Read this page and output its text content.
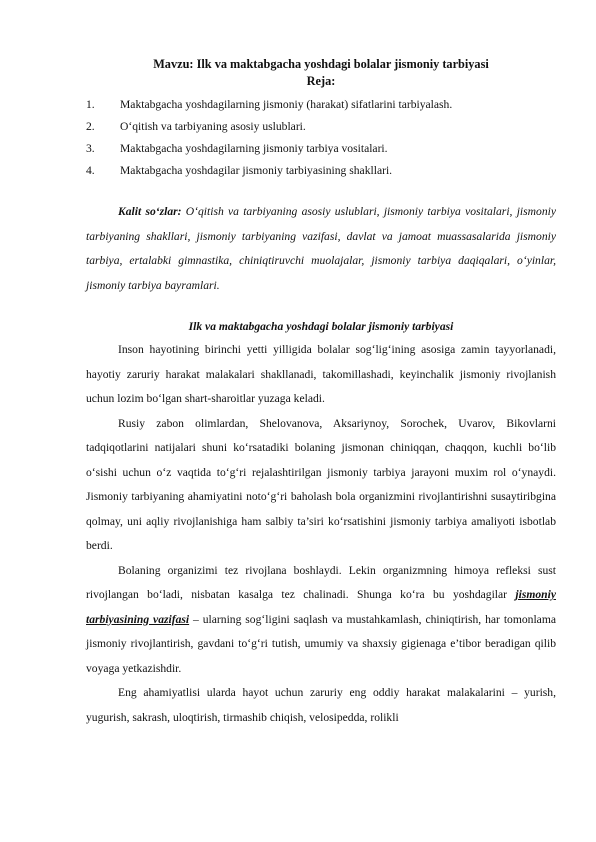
Mavzu: Ilk va maktabgacha yoshdagi bolalar jismoniy tarbiyasi

Reja:

1.	Maktabgacha yoshdagilarning jismoniy (harakat) sifatlarini tarbiyalash.
2.	O‘qitish va tarbiyaning asosiy uslublari.
3.	Maktabgacha yoshdagilarning jismoniy tarbiya vositalari.
4.	Maktabgacha yoshdagilar jismoniy tarbiyasining shakllari.

Kalit so‘zlar: O‘qitish va tarbiyaning asosiy uslublari, jismoniy tarbiya vositalari, jismoniy tarbiyaning shakllari, jismoniy tarbiyaning vazifasi, davlat va jamoat muassasalarida jismoniy tarbiya, ertalabki gimnastika, chiniqtiruvchi muolajalar, jismoniy tarbiya daqiqalari, o‘yinlar, jismoniy tarbiya bayramlari.

Ilk va maktabgacha yoshdagi bolalar jismoniy tarbiyasi

Inson hayotining birinchi yetti yilligida bolalar sog‘lig‘ining asosiga zamin tayyorlanadi, hayotiy zaruriy harakat malakalari shakllanadi, takomillashadi, keyinchalik jismoniy rivojlanish uchun lozim bo‘lgan shart-sharoitlar yuzaga keladi.

Rusiy zabon olimlardan, Shelovanova, Aksariynoy, Sorochek, Uvarov, Bikovlarni tadqiqotlarini natijalari shuni ko‘rsatadiki bolaning jismonan chiniqqan, chaqqon, kuchli bo‘lib o‘sishi uchun o‘z vaqtida to‘g‘ri rejalashtirilgan jismoniy tarbiya jarayoni muxim rol o‘ynaydi. Jismoniy tarbiyaning ahamiyatini noto‘g‘ri baholash bola organizmini rivojlantirishni susaytiribgina qolmay, uni aqliy rivojlanishiga ham salbiy ta’siri ko‘rsatishini jismoniy tarbiya amaliyoti isbotlab berdi.

Bolaning organizimi tez rivojlana boshlaydi. Lekin organizmning himoya refleksi sust rivojlangan bo‘ladi, nisbatan kasalga tez chalinadi. Shunga ko‘ra bu yoshdagilar jismoniy tarbiyasining vazifasi – ularning sog‘ligini saqlash va mustahkamlash, chiniqtirish, har tomonlama jismoniy rivojlantirish, gavdani to‘g‘ri tutish, umumiy va shaxsiy gigienaga e’tibor beradigan qilib voyaga yetkazishdir.

Eng ahamiyatlisi ularda hayot uchun zaruriy eng oddiy harakat malakalarini – yurish, yugurish, sakrash, uloqtirish, tirmashib chiqish, velosipedda, rolikli
